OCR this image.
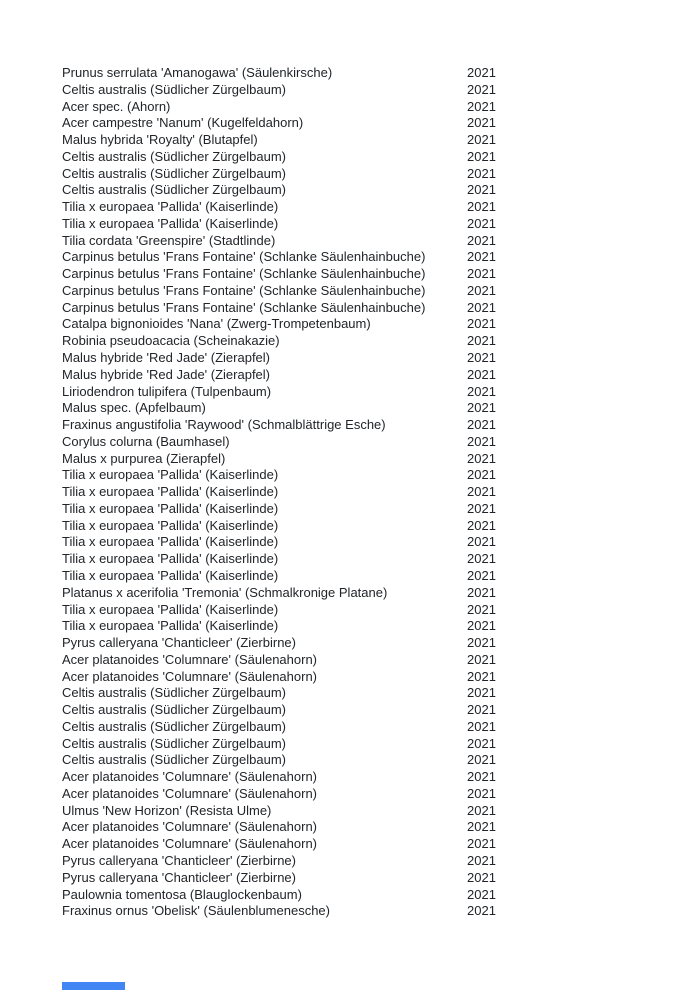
Prunus serrulata 'Amanogawa' (Säulenkirsche)	2021
Celtis australis (Südlicher Zürgelbaum)	2021
Acer spec. (Ahorn)	2021
Acer campestre 'Nanum' (Kugelfeldahorn)	2021
Malus hybrida 'Royalty' (Blutapfel)	2021
Celtis australis (Südlicher Zürgelbaum)	2021
Celtis australis (Südlicher Zürgelbaum)	2021
Celtis australis (Südlicher Zürgelbaum)	2021
Tilia x europaea 'Pallida' (Kaiserlinde)	2021
Tilia x europaea 'Pallida' (Kaiserlinde)	2021
Tilia cordata 'Greenspire' (Stadtlinde)	2021
Carpinus betulus 'Frans Fontaine' (Schlanke Säulenhainbuche)	2021
Carpinus betulus 'Frans Fontaine' (Schlanke Säulenhainbuche)	2021
Carpinus betulus 'Frans Fontaine' (Schlanke Säulenhainbuche)	2021
Carpinus betulus 'Frans Fontaine' (Schlanke Säulenhainbuche)	2021
Catalpa bignonioides 'Nana' (Zwerg-Trompetenbaum)	2021
Robinia pseudoacacia (Scheinakazie)	2021
Malus hybride 'Red Jade' (Zierapfel)	2021
Malus hybride 'Red Jade' (Zierapfel)	2021
Liriodendron tulipifera (Tulpenbaum)	2021
Malus spec. (Apfelbaum)	2021
Fraxinus angustifolia 'Raywood' (Schmalblättrige Esche)	2021
Corylus colurna (Baumhasel)	2021
Malus x purpurea (Zierapfel)	2021
Tilia x europaea 'Pallida' (Kaiserlinde)	2021
Tilia x europaea 'Pallida' (Kaiserlinde)	2021
Tilia x europaea 'Pallida' (Kaiserlinde)	2021
Tilia x europaea 'Pallida' (Kaiserlinde)	2021
Tilia x europaea 'Pallida' (Kaiserlinde)	2021
Tilia x europaea 'Pallida' (Kaiserlinde)	2021
Tilia x europaea 'Pallida' (Kaiserlinde)	2021
Platanus x acerifolia 'Tremonia' (Schmalkronige Platane)	2021
Tilia x europaea 'Pallida' (Kaiserlinde)	2021
Tilia x europaea 'Pallida' (Kaiserlinde)	2021
Pyrus calleryana 'Chanticleer' (Zierbirne)	2021
Acer platanoides 'Columnare' (Säulenahorn)	2021
Acer platanoides 'Columnare' (Säulenahorn)	2021
Celtis australis (Südlicher Zürgelbaum)	2021
Celtis australis (Südlicher Zürgelbaum)	2021
Celtis australis (Südlicher Zürgelbaum)	2021
Celtis australis (Südlicher Zürgelbaum)	2021
Celtis australis (Südlicher Zürgelbaum)	2021
Acer platanoides 'Columnare' (Säulenahorn)	2021
Acer platanoides 'Columnare' (Säulenahorn)	2021
Ulmus 'New Horizon' (Resista Ulme)	2021
Acer platanoides 'Columnare' (Säulenahorn)	2021
Acer platanoides 'Columnare' (Säulenahorn)	2021
Pyrus calleryana 'Chanticleer' (Zierbirne)	2021
Pyrus calleryana 'Chanticleer' (Zierbirne)	2021
Paulownia tomentosa (Blauglockenbaum)	2021
Fraxinus ornus 'Obelisk' (Säulenblumenesche)	2021
